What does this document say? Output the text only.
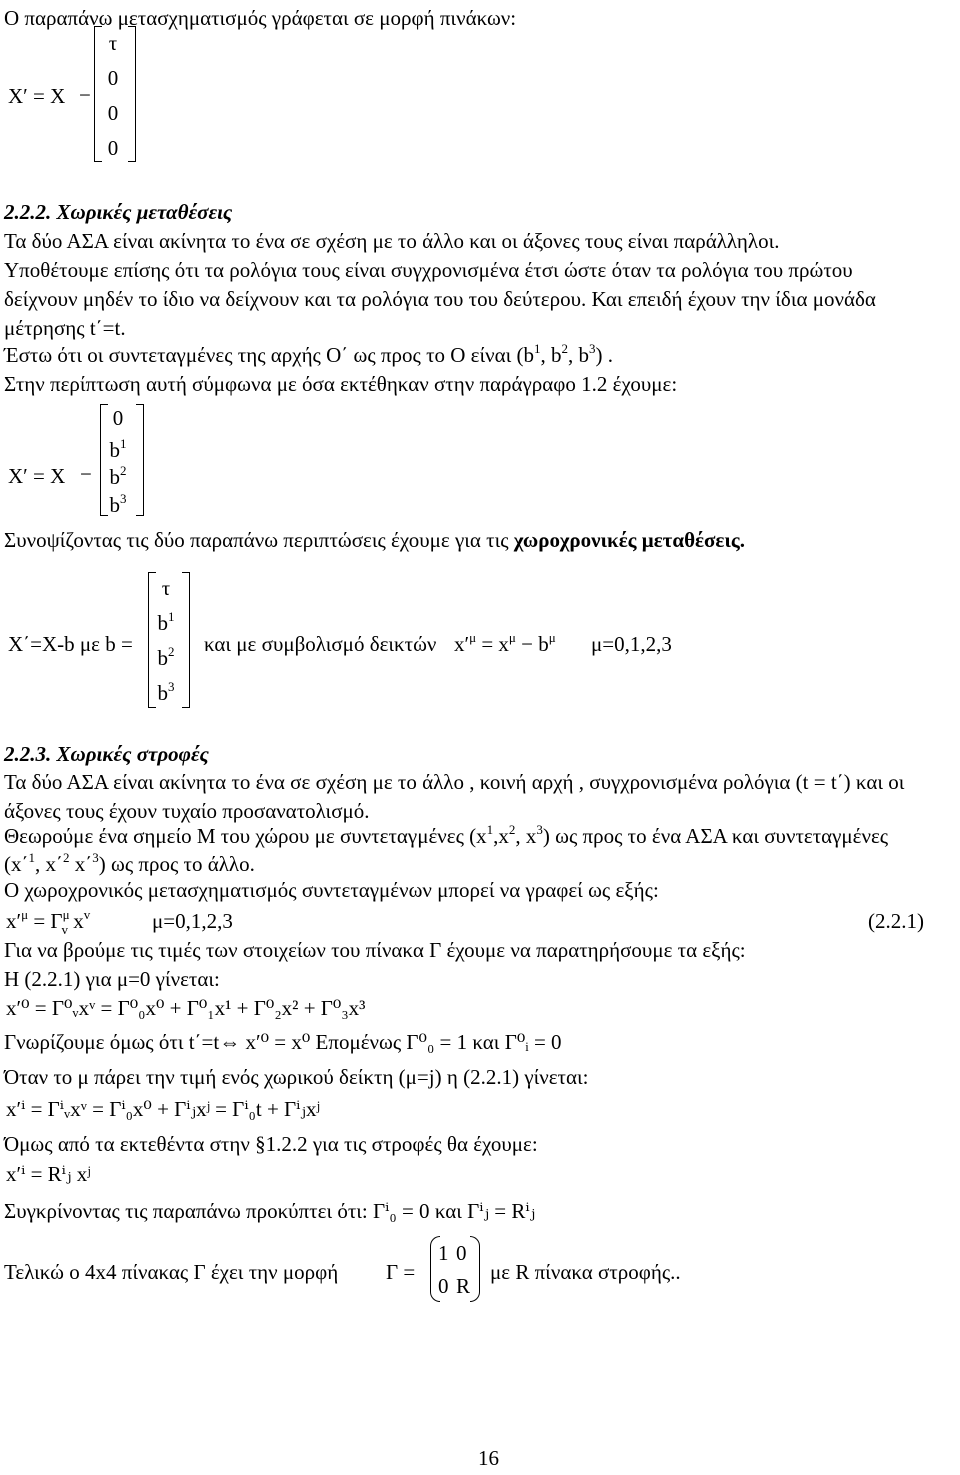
Ο παραπάνω μετασχηματισμός γράφεται σε μορφή πινάκων:
X′ = X −
τ
0
0
0
2.2.2. Χωρικές μεταθέσεις
Τα δύο ΑΣΑ είναι ακίνητα το ένα σε σχέση με το άλλο και οι άξονες τους είναι παράλληλοι.
Υποθέτουμε επίσης ότι τα ρολόγια τους είναι συγχρονισμένα έτσι ώστε όταν τα ρολόγια του πρώτου
δείχνουν μηδέν το ίδιο να δείχνουν και τα ρολόγια του του δεύτερου. Και επειδή έχουν την ίδια μονάδα
μέτρησης t΄=t.
Έστω ότι οι συντεταγμένες της αρχής Ο΄ ως προς το Ο είναι ($b^1$, $b^2$, $b^3$) .
Στην περίπτωση αυτή σύμφωνα με όσα εκτέθηκαν στην παράγραφο 1.2 έχουμε:
X′ = X −
0
$b^1$
$b^2$
$b^3$
Συνοψίζοντας τις δύο παραπάνω περιπτώσεις έχουμε για τις χωροχρονικές μεταθέσεις.
X΄=X-b με b =
τ
$b^1$
$b^2$
$b^3$
και με συμβολισμό δεικτών $x'^\mu = x^\mu - b^\mu$ μ=0,1,2,3
2.2.3. Χωρικές στροφές
Τα δύο ΑΣΑ είναι ακίνητα το ένα σε σχέση με το άλλο , κοινή αρχή , συγχρονισμένα ρολόγια (t = t΄) και οι
άξονες τους έχουν τυχαίο προσανατολισμό.
Θεωρούμε ένα σημείο Μ του χώρου με συντεταγμένες ($x^1,x^2$, $x^3$) ως προς το ένα ΑΣΑ και συντεταγμένες
(x΄$^1$, x΄$^2$ x΄$^3$) ως προς το άλλο.
Ο χωροχρονικός μετασχηματισμός συντεταγμένων μπορεί να γραφεί ως εξής:
$x'^\mu = \Gamma^\mu_v$ $x^v$	μ=0,1,2,3	(2.2.1)
Για να βρούμε τις τιμές των στοιχείων του πίνακα Γ έχουμε να παρατηρήσουμε τα εξής:
Η (2.2.1) για μ=0 γίνεται:
x′⁰ = Γ⁰ᵥxᵛ = Γ⁰₀x⁰ + Γ⁰₁x¹ + Γ⁰₂x² + Γ⁰₃x³
Γνωρίζουμε όμως ότι t΄=t⇔ x′⁰ = x⁰ Επομένως Γ⁰₀ = 1 και Γ⁰ᵢ = 0
Όταν το μ πάρει την τιμή ενός χωρικού δείκτη (μ=j) η (2.2.1) γίνεται:
x′ⁱ = Γⁱᵥxᵛ = Γⁱ₀x⁰ + Γⁱⱼxʲ = Γⁱ₀t + Γⁱⱼxʲ
Όμως από τα εκτεθέντα στην §1.2.2 για τις στροφές θα έχουμε:
x′ⁱ = Rⁱⱼ xʲ
Συγκρίνοντας τις παραπάνω προκύπτει ότι: Γⁱ₀ = 0 και Γⁱⱼ = Rⁱⱼ
Τελικώ ο 4x4 πίνακας Γ έχει την μορφή Γ =
1 0
0 R
με R πίνακα στροφής..
16
